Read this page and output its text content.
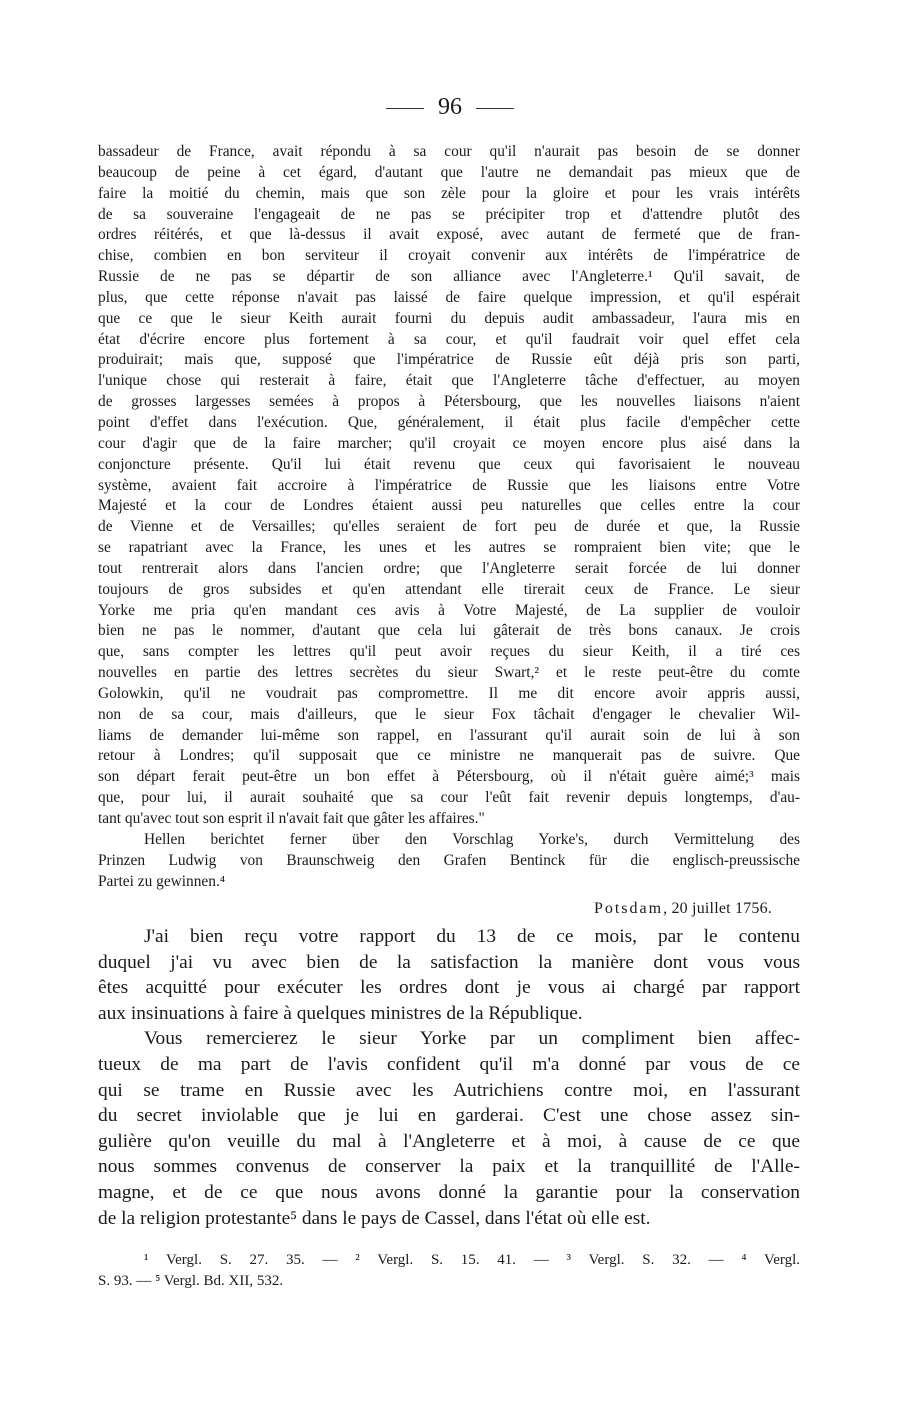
96

bassadeur de France, avait répondu à sa cour qu'il n'aurait pas besoin de se donner

beaucoup de peine à cet égard, d'autant que l'autre ne demandait pas mieux que de

faire la moitié du chemin, mais que son zèle pour la gloire et pour les vrais intérêts

de sa souveraine l'engageait de ne pas se précipiter trop et d'attendre plutôt des

ordres réitérés, et que là-dessus il avait exposé, avec autant de fermeté que de fran-

chise, combien en bon serviteur il croyait convenir aux intérêts de l'impératrice de

Russie de ne pas se départir de son alliance avec l'Angleterre.¹ Qu'il savait, de

plus, que cette réponse n'avait pas laissé de faire quelque impression, et qu'il espérait

que ce que le sieur Keith aurait fourni du depuis audit ambassadeur, l'aura mis en

état d'écrire encore plus fortement à sa cour, et qu'il faudrait voir quel effet cela

produirait; mais que, supposé que l'impératrice de Russie eût déjà pris son parti,

l'unique chose qui resterait à faire, était que l'Angleterre tâche d'effectuer, au moyen

de grosses largesses semées à propos à Pétersbourg, que les nouvelles liaisons n'aient

point d'effet dans l'exécution. Que, généralement, il était plus facile d'empêcher cette

cour d'agir que de la faire marcher; qu'il croyait ce moyen encore plus aisé dans la

conjoncture présente. Qu'il lui était revenu que ceux qui favorisaient le nouveau

système, avaient fait accroire à l'impératrice de Russie que les liaisons entre Votre

Majesté et la cour de Londres étaient aussi peu naturelles que celles entre la cour

de Vienne et de Versailles; qu'elles seraient de fort peu de durée et que, la Russie

se rapatriant avec la France, les unes et les autres se rompraient bien vite; que le

tout rentrerait alors dans l'ancien ordre; que l'Angleterre serait forcée de lui donner

toujours de gros subsides et qu'en attendant elle tirerait ceux de France. Le sieur

Yorke me pria qu'en mandant ces avis à Votre Majesté, de La supplier de vouloir

bien ne pas le nommer, d'autant que cela lui gâterait de très bons canaux. Je crois

que, sans compter les lettres qu'il peut avoir reçues du sieur Keith, il a tiré ces

nouvelles en partie des lettres secrètes du sieur Swart,² et le reste peut-être du comte

Golowkin, qu'il ne voudrait pas compromettre. Il me dit encore avoir appris aussi,

non de sa cour, mais d'ailleurs, que le sieur Fox tâchait d'engager le chevalier Wil-

liams de demander lui-même son rappel, en l'assurant qu'il aurait soin de lui à son

retour à Londres; qu'il supposait que ce ministre ne manquerait pas de suivre. Que

son départ ferait peut-être un bon effet à Pétersbourg, où il n'était guère aimé;³ mais

que, pour lui, il aurait souhaité que sa cour l'eût fait revenir depuis longtemps, d'au-

tant qu'avec tout son esprit il n'avait fait que gâter les affaires."

Hellen berichtet ferner über den Vorschlag Yorke's, durch Vermittelung des

Prinzen Ludwig von Braunschweig den Grafen Bentinck für die englisch-preussische

Partei zu gewinnen.⁴

Potsdam, 20 juillet 1756.

J'ai bien reçu votre rapport du 13 de ce mois, par le contenu

duquel j'ai vu avec bien de la satisfaction la manière dont vous vous

êtes acquitté pour exécuter les ordres dont je vous ai chargé par rapport

aux insinuations à faire à quelques ministres de la République.

Vous remercierez le sieur Yorke par un compliment bien affec-

tueux de ma part de l'avis confident qu'il m'a donné par vous de ce

qui se trame en Russie avec les Autrichiens contre moi, en l'assurant

du secret inviolable que je lui en garderai. C'est une chose assez sin-

gulière qu'on veuille du mal à l'Angleterre et à moi, à cause de ce que

nous sommes convenus de conserver la paix et la tranquillité de l'Alle-

magne, et de ce que nous avons donné la garantie pour la conservation

de la religion protestante⁵ dans le pays de Cassel, dans l'état où elle est.

¹ Vergl. S. 27. 35. — ² Vergl. S. 15. 41. — ³ Vergl. S. 32. — ⁴ Vergl.

S. 93. — ⁵ Vergl. Bd. XII, 532.
